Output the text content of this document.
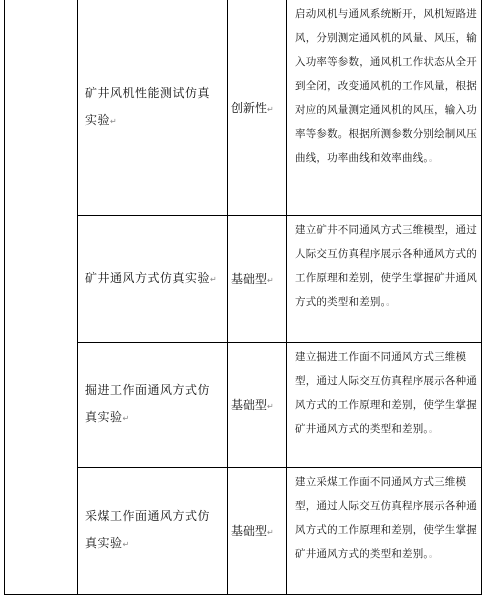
	矿井风机性能测试仿真实验↵	创新性↵	启动风机与通风系统断开，风机短路进风，分别测定通风机的风量、风压，输入功率等参数，通风机工作状态从全开到全闭，改变通风机的工作风量，根据对应的风量测定通风机的风压，输入功率等参数。根据所测参数分别绘制风压曲线，功率曲线和效率曲线。。
	矿井通风方式仿真实验↵	基础型↵	建立矿井不同通风方式三维模型，通过人际交互仿真程序展示各种通风方式的工作原理和差别，使学生掌握矿井通风方式的类型和差别。。
	掘进工作面通风方式仿真实验↵	基础型↵	建立掘进工作面不同通风方式三维模型，通过人际交互仿真程序展示各种通风方式的工作原理和差别，使学生掌握矿井通风方式的类型和差别。。
	采煤工作面通风方式仿真实验↵	基础型↵	建立采煤工作面不同通风方式三维模型，通过人际交互仿真程序展示各种通风方式的工作原理和差别，使学生掌握矿井通风方式的类型和差别。。
